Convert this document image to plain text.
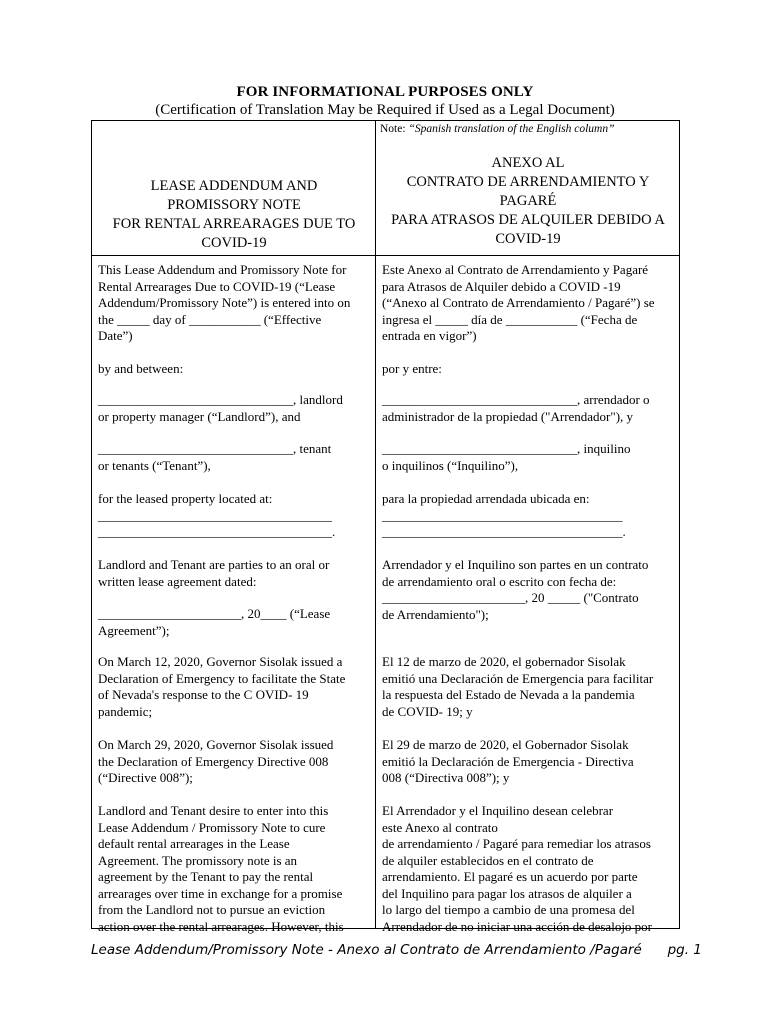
FOR INFORMATIONAL PURPOSES ONLY
(Certification of Translation May be Required if Used as a Legal Document)
Note: “Spanish translation of the English column”
LEASE ADDENDUM AND
PROMISSORY NOTE
FOR RENTAL ARREARAGES DUE TO
COVID-19
ANEXO AL
CONTRATO DE ARRENDAMIENTO Y
PAGARÉ
PARA ATRASOS DE ALQUILER DEBIDO A
COVID-19
This Lease Addendum and Promissory Note for
Rental Arrearages Due to COVID-19 (“Lease
Addendum/Promissory Note”) is entered into on
the _____ day of ___________ (“Effective
Date”)
by and between:
______________________________, landlord
or property manager (“Landlord”), and
______________________________, tenant
or tenants (“Tenant”),
for the leased property located at:
____________________________________
____________________________________.
Landlord and Tenant are parties to an oral or
written lease agreement dated:
______________________, 20____ (“Lease
Agreement”);
On March 12, 2020, Governor Sisolak issued a
Declaration of Emergency to facilitate the State
of Nevada's response to the C OVID- 19
pandemic;
On March 29, 2020, Governor Sisolak issued
the Declaration of Emergency Directive 008
(“Directive 008”);
Landlord and Tenant desire to enter into this
Lease Addendum / Promissory Note to cure
default rental arrearages in the Lease
Agreement. The promissory note is an
agreement by the Tenant to pay the rental
arrearages over time in exchange for a promise
from the Landlord not to pursue an eviction
action over the rental arrearages. However, this
Este Anexo al Contrato de Arrendamiento y Pagaré
para Atrasos de Alquiler debido a COVID -19
(“Anexo al Contrato de Arrendamiento / Pagaré”) se
ingresa el _____ día de ___________ (“Fecha de
entrada en vigor”)
por y entre:
______________________________, arrendador o
administrador de la propiedad ("Arrendador"), y
______________________________, inquilino
o inquilinos (“Inquilino”),
para la propiedad arrendada ubicada en:
_____________________________________
_____________________________________.
Arrendador y el Inquilino son partes en un contrato
de arrendamiento oral o escrito con fecha de:
______________________, 20 _____ ("Contrato
de Arrendamiento");
El 12 de marzo de 2020, el gobernador Sisolak
emitió una Declaración de Emergencia para facilitar
la respuesta del Estado de Nevada a la pandemia
de COVID- 19; y
El 29 de marzo de 2020, el Gobernador Sisolak
emitió la Declaración de Emergencia - Directiva
008 (“Directiva 008”); y
El Arrendador y el Inquilino desean celebrar
este Anexo al contrato
de arrendamiento / Pagaré para remediar los atrasos
de alquiler establecidos en el contrato de
arrendamiento. El pagaré es un acuerdo por parte
del Inquilino para pagar los atrasos de alquiler a
lo largo del tiempo a cambio de una promesa del
Arrendador de no iniciar una acción de desalojo por
Lease Addendum/Promissory Note - Anexo al Contrato de Arrendamiento /Pagaré      pg. 1
